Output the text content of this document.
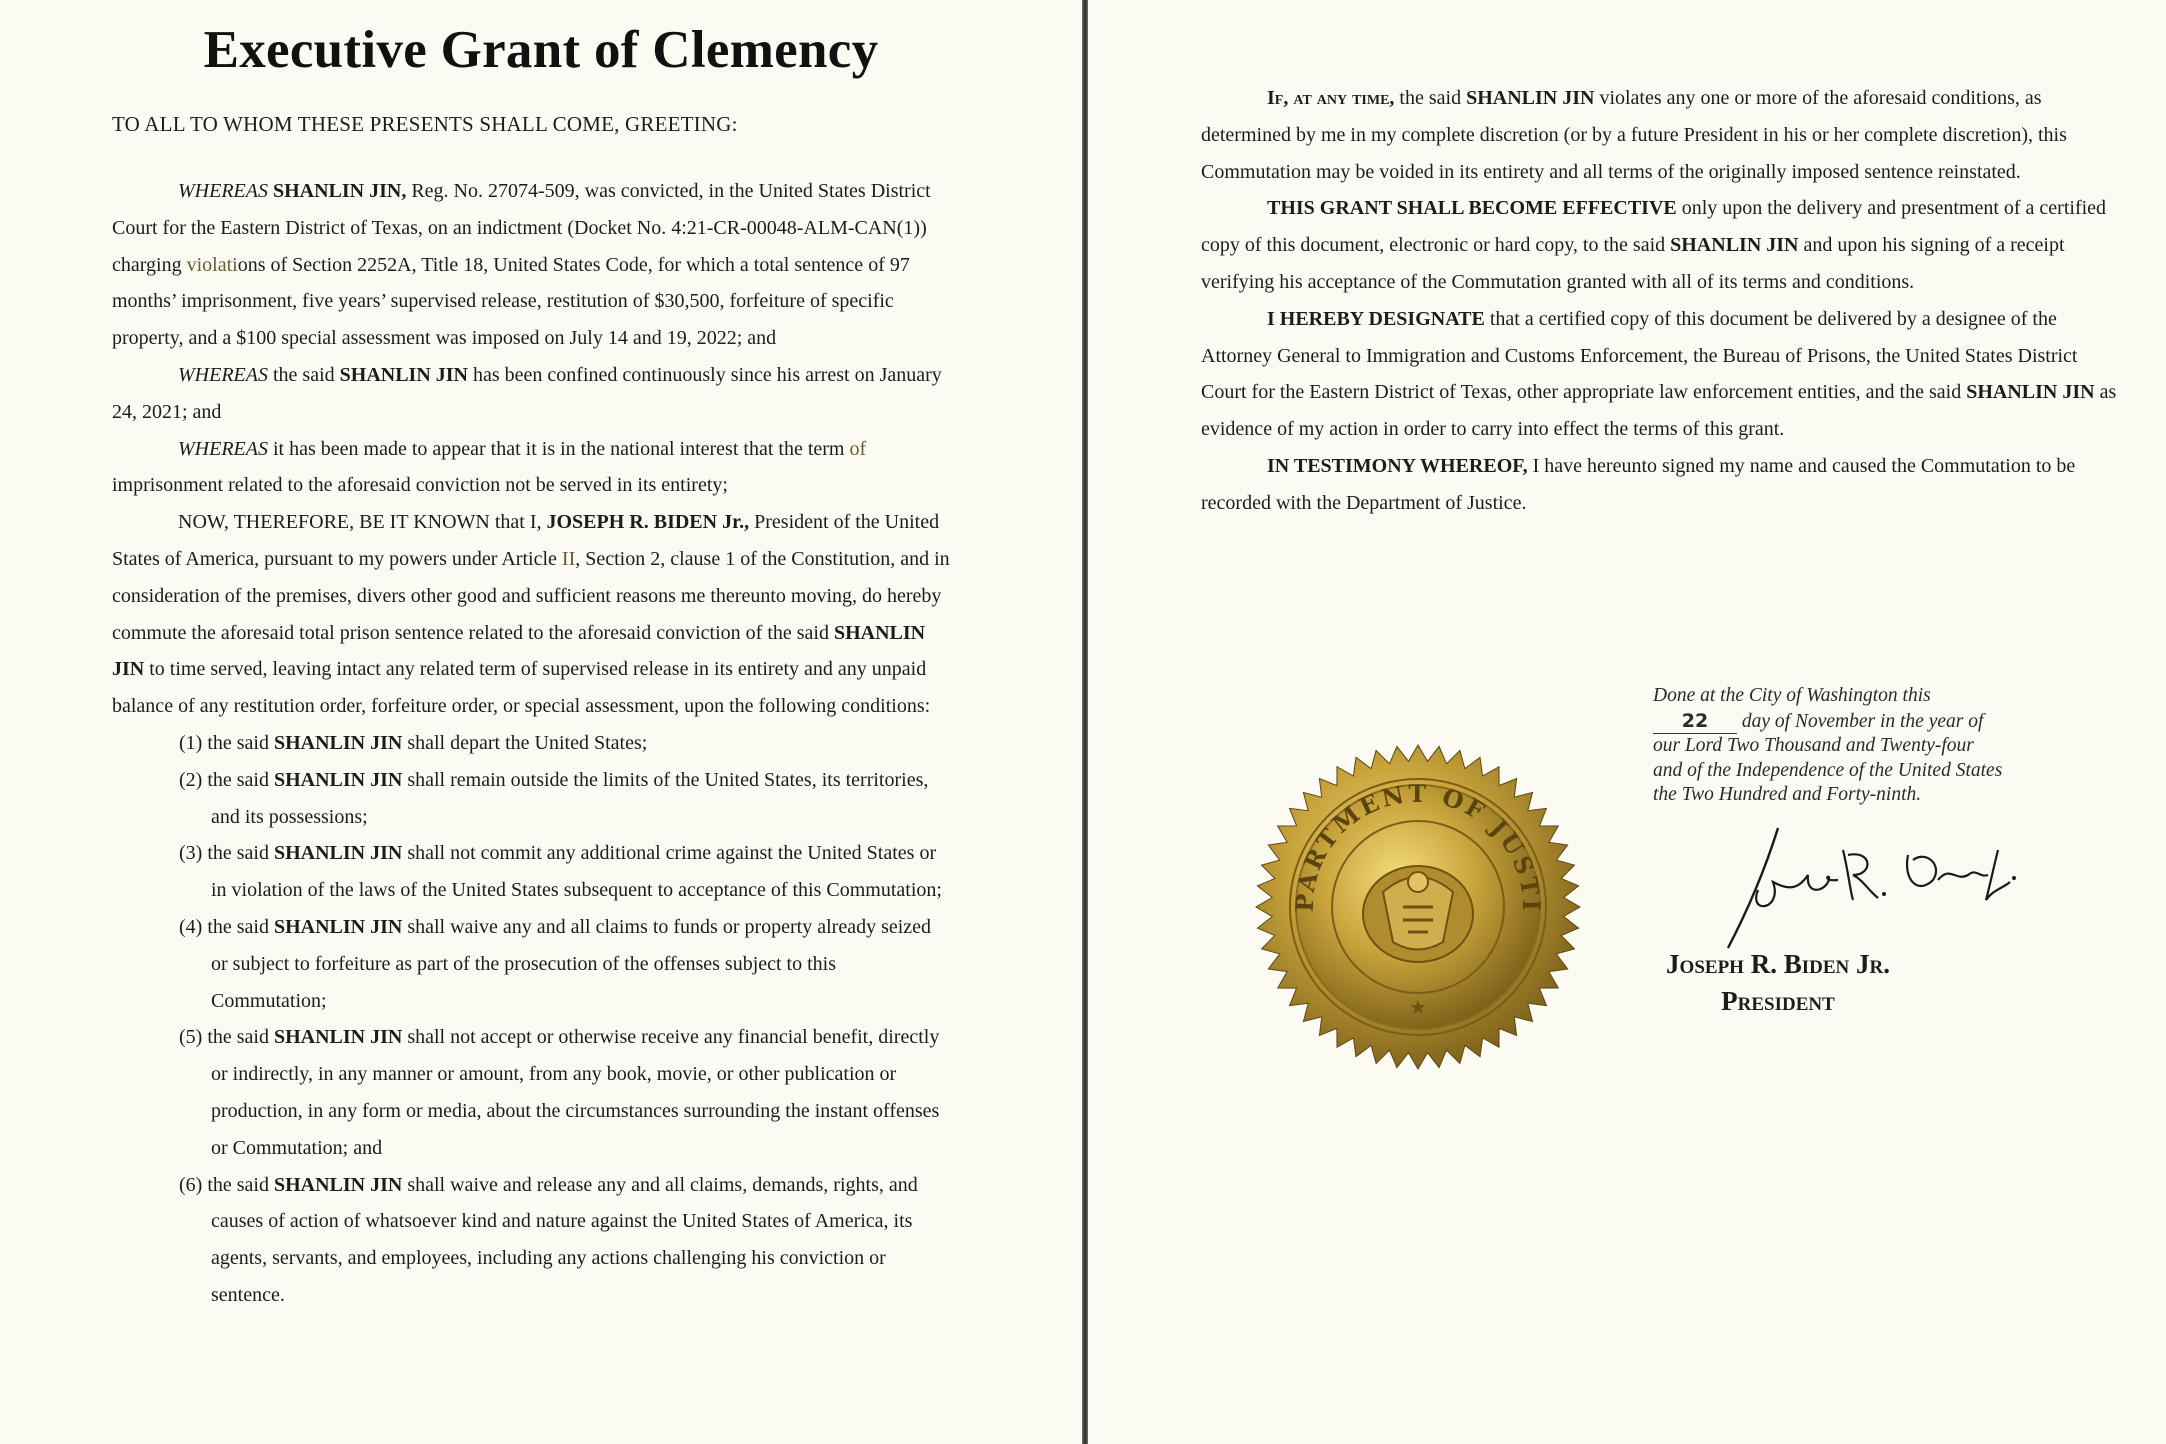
Executive Grant of Clemency
TO ALL TO WHOM THESE PRESENTS SHALL COME, GREETING:

WHEREAS SHANLIN JIN, Reg. No. 27074-509, was convicted, in the United States District Court for the Eastern District of Texas, on an indictment (Docket No. 4:21-CR-00048-ALM-CAN(1)) charging violations of Section 2252A, Title 18, United States Code, for which a total sentence of 97 months’ imprisonment, five years’ supervised release, restitution of $30,500, forfeiture of specific property, and a $100 special assessment was imposed on July 14 and 19, 2022; and

WHEREAS the said SHANLIN JIN has been confined continuously since his arrest on January 24, 2021; and

WHEREAS it has been made to appear that it is in the national interest that the term of imprisonment related to the aforesaid conviction not be served in its entirety;

NOW, THEREFORE, BE IT KNOWN that I, JOSEPH R. BIDEN Jr., President of the United States of America, pursuant to my powers under Article II, Section 2, clause 1 of the Constitution, and in consideration of the premises, divers other good and sufficient reasons me thereunto moving, do hereby commute the aforesaid total prison sentence related to the aforesaid conviction of the said SHANLIN JIN to time served, leaving intact any related term of supervised release in its entirety and any unpaid balance of any restitution order, forfeiture order, or special assessment, upon the following conditions:

(1) the said SHANLIN JIN shall depart the United States;

(2) the said SHANLIN JIN shall remain outside the limits of the United States, its territories, and its possessions;

(3) the said SHANLIN JIN shall not commit any additional crime against the United States or in violation of the laws of the United States subsequent to acceptance of this Commutation;

(4) the said SHANLIN JIN shall waive any and all claims to funds or property already seized or subject to forfeiture as part of the prosecution of the offenses subject to this Commutation;

(5) the said SHANLIN JIN shall not accept or otherwise receive any financial benefit, directly or indirectly, in any manner or amount, from any book, movie, or other publication or production, in any form or media, about the circumstances surrounding the instant offenses or Commutation; and

(6) the said SHANLIN JIN shall waive and release any and all claims, demands, rights, and causes of action of whatsoever kind and nature against the United States of America, its agents, servants, and employees, including any actions challenging his conviction or sentence.

If, at any time, the said SHANLIN JIN violates any one or more of the aforesaid conditions, as determined by me in my complete discretion (or by a future President in his or her complete discretion), this Commutation may be voided in its entirety and all terms of the originally imposed sentence reinstated.

THIS GRANT SHALL BECOME EFFECTIVE only upon the delivery and presentment of a certified copy of this document, electronic or hard copy, to the said SHANLIN JIN and upon his signing of a receipt verifying his acceptance of the Commutation granted with all of its terms and conditions.

I HEREBY DESIGNATE that a certified copy of this document be delivered by a designee of the Attorney General to Immigration and Customs Enforcement, the Bureau of Prisons, the United States District Court for the Eastern District of Texas, other appropriate law enforcement entities, and the said SHANLIN JIN as evidence of my action in order to carry into effect the terms of this grant.

IN TESTIMONY WHEREOF, I have hereunto signed my name and caused the Commutation to be recorded with the Department of Justice.

Done at the City of Washington this
22 day of November in the year of
our Lord Two Thousand and Twenty-four
and of the Independence of the United States
the Two Hundred and Forty-ninth.
PARTMENT OF JUSTI
★
Joseph R. Biden Jr.
President
